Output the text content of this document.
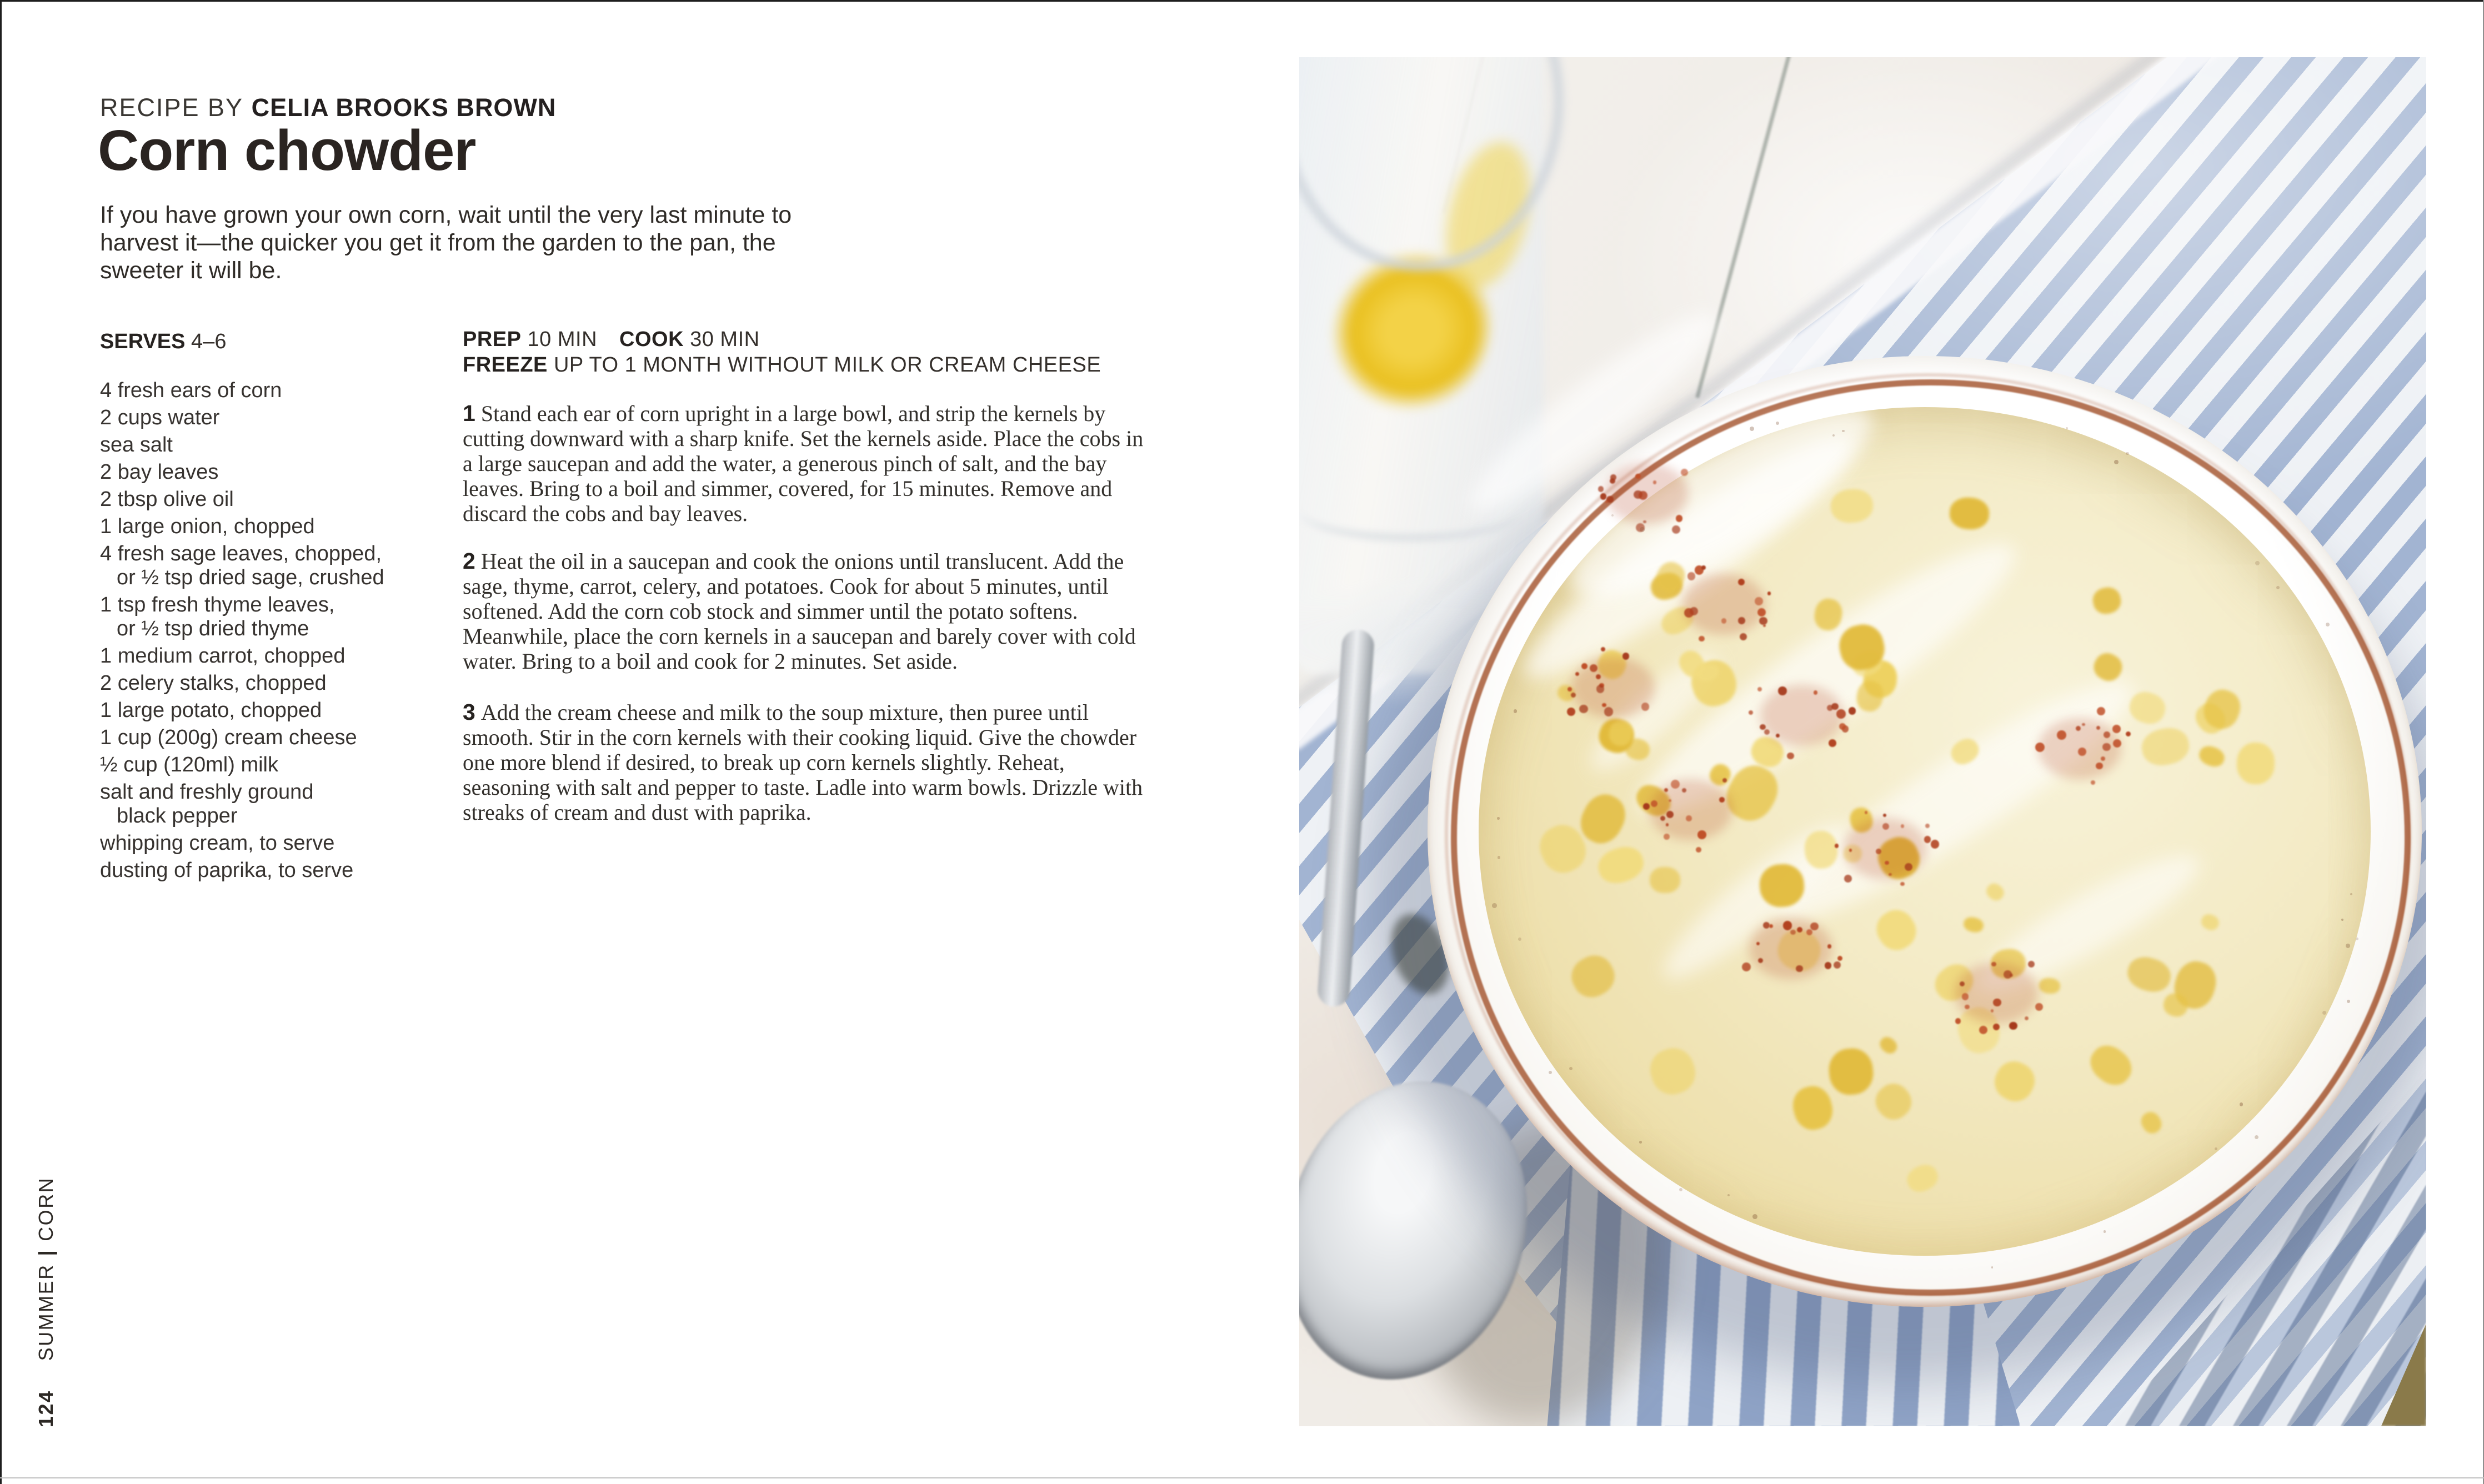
RECIPE BY CELIA BROOKS BROWN
Corn chowder

If you have grown your own corn, wait until the very last minute to harvest it—the quicker you get it from the garden to the pan, the sweeter it will be.

SERVES 4–6
4 fresh ears of corn
2 cups water
sea salt
2 bay leaves
2 tbsp olive oil
1 large onion, chopped
4 fresh sage leaves, chopped,
or ½ tsp dried sage, crushed
1 tsp fresh thyme leaves,
or ½ tsp dried thyme
1 medium carrot, chopped
2 celery stalks, chopped
1 large potato, chopped
1 cup (200g) cream cheese
½ cup (120ml) milk
salt and freshly ground
black pepper
whipping cream, to serve
dusting of paprika, to serve
PREP 10 MIN COOK 30 MIN
FREEZE UP TO 1 MONTH WITHOUT MILK OR CREAM CHEESE

1 Stand each ear of corn upright in a large bowl, and strip the kernels by cutting downward with a sharp knife. Set the kernels aside. Place the cobs in a large saucepan and add the water, a generous pinch of salt, and the bay leaves. Bring to a boil and simmer, covered, for 15 minutes. Remove and discard the cobs and bay leaves.

2 Heat the oil in a saucepan and cook the onions until translucent. Add the sage, thyme, carrot, celery, and potatoes. Cook for about 5 minutes, until softened. Add the corn cob stock and simmer until the potato softens. Meanwhile, place the corn kernels in a saucepan and barely cover with cold water. Bring to a boil and cook for 2 minutes. Set aside.

3 Add the cream cheese and milk to the soup mixture, then puree until smooth. Stir in the corn kernels with their cooking liquid. Give the chowder one more blend if desired, to break up corn kernels slightly. Reheat, seasoning with salt and pepper to taste. Ladle into warm bowls. Drizzle with streaks of cream and dust with paprika.

124SUMMER|CORN
